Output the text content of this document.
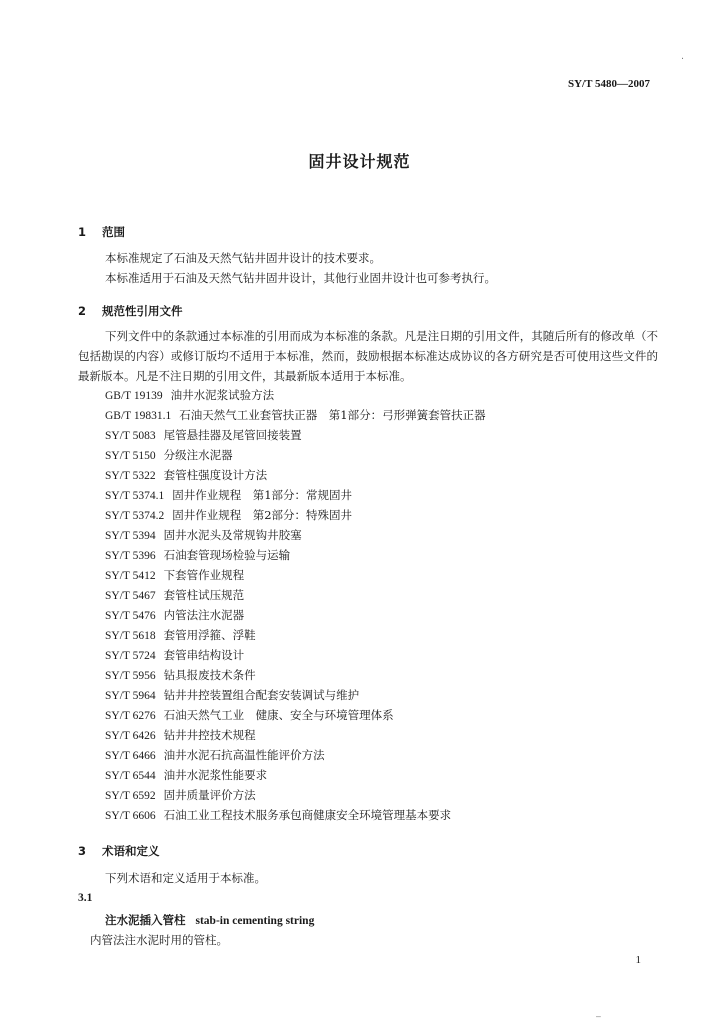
SY/T 5480—2007
固井设计规范
1 范围
本标准规定了石油及天然气钻井固井设计的技术要求。
本标准适用于石油及天然气钻井固井设计，其他行业固井设计也可参考执行。
2 规范性引用文件
下列文件中的条款通过本标准的引用而成为本标准的条款。凡是注日期的引用文件，其随后所有的修改单（不包括勘误的内容）或修订版均不适用于本标准，然而，鼓励根据本标准达成协议的各方研究是否可使用这些文件的最新版本。凡是不注日期的引用文件，其最新版本适用于本标准。
GB/T 19139 油井水泥浆试验方法
GB/T 19831.1 石油天然气工业套管扶正器　第1部分：弓形弹簧套管扶正器
SY/T 5083 尾管悬挂器及尾管回接装置
SY/T 5150 分级注水泥器
SY/T 5322 套管柱强度设计方法
SY/T 5374.1 固井作业规程　第1部分：常规固井
SY/T 5374.2 固井作业规程　第2部分：特殊固井
SY/T 5394 固井水泥头及常规钩井胶塞
SY/T 5396 石油套管现场检验与运输
SY/T 5412 下套管作业规程
SY/T 5467 套管柱试压规范
SY/T 5476 内管法注水泥器
SY/T 5618 套管用浮箍、浮鞋
SY/T 5724 套管串结构设计
SY/T 5956 钻具报废技术条件
SY/T 5964 钻井井控装置组合配套安装调试与维护
SY/T 6276 石油天然气工业　健康、安全与环境管理体系
SY/T 6426 钻井井控技术规程
SY/T 6466 油井水泥石抗高温性能评价方法
SY/T 6544 油井水泥浆性能要求
SY/T 6592 固井质量评价方法
SY/T 6606 石油工业工程技术服务承包商健康安全环境管理基本要求
3 术语和定义
下列术语和定义适用于本标准。
3.1
注水泥插入管柱 stab-in cementing string
内管法注水泥时用的管柱。
1
·
—
